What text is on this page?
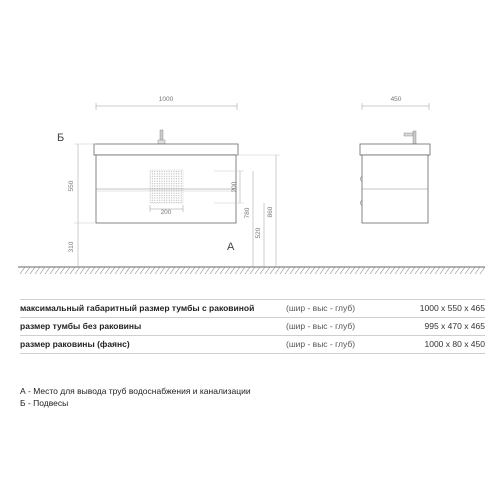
1000
200
550
310
200
780
520
860
Б
А
450
максимальный габаритный размер тумбы с раковиной	(шир - выс - глуб)	1000 x 550 x 465
размер тумбы без раковины	(шир - выс - глуб)	995 x 470 x 465
размер раковины (фаянс)	(шир - выс - глуб)	1000 x 80 x 450
А - Место для вывода труб водоснабжения и канализации
Б - Подвесы
